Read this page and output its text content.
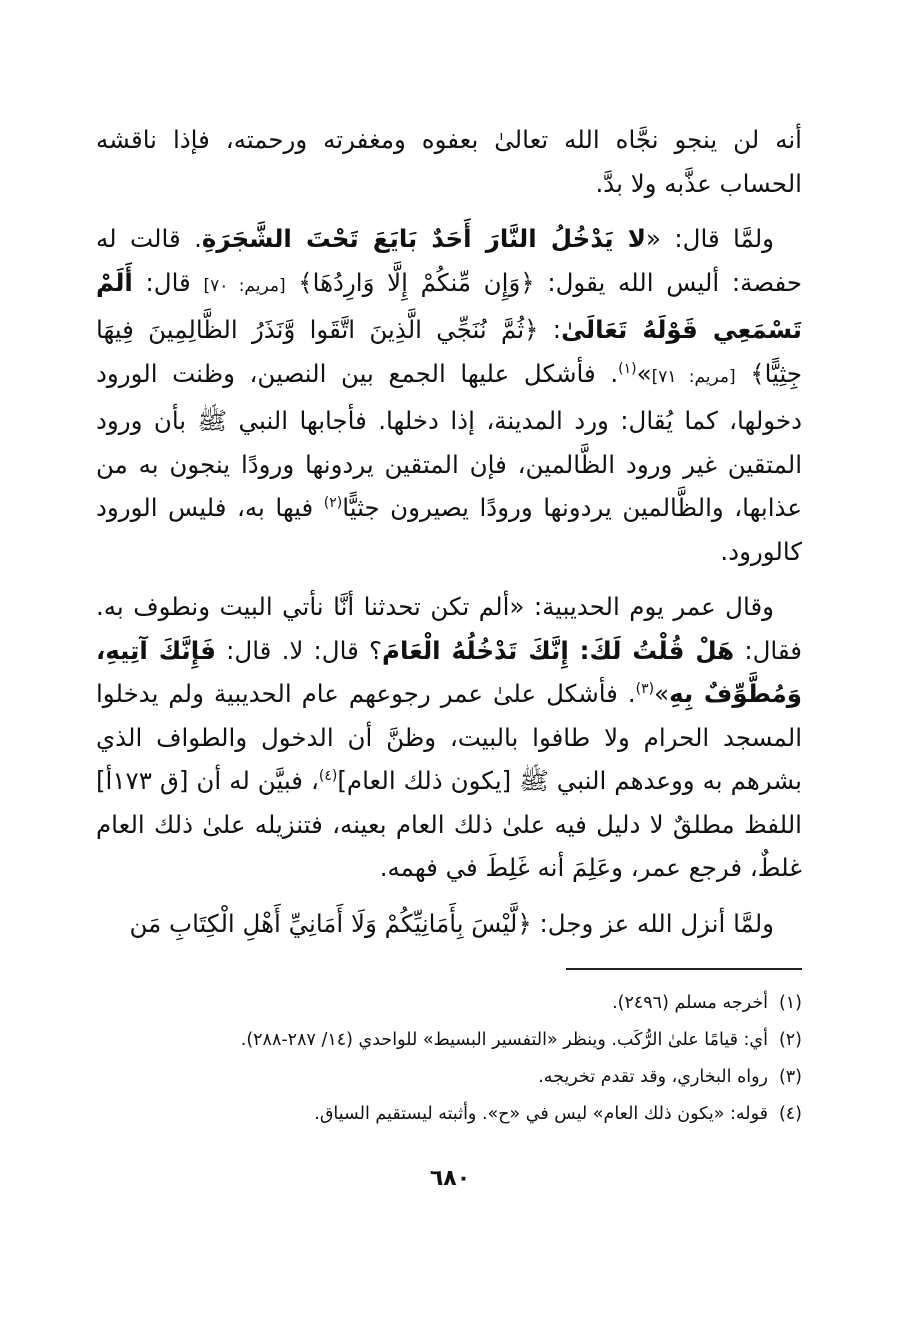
أنه لن ينجو نجَّاه الله تعالىٰ بعفوه ومغفرته ورحمته، فإذا ناقشه الحساب عذَّبه ولا بدَّ.

ولمَّا قال: «لا يَدْخُلُ النَّارَ أَحَدٌ بَايَعَ تَحْتَ الشَّجَرَةِ. قالت له حفصة: أليس الله يقول: ﴿وَإِن مِّنكُمْ إِلَّا وَارِدُهَا﴾ [مريم: ٧٠] قال: أَلَمْ تَسْمَعِي قَوْلَهُ تَعَالَىٰ: ﴿ثُمَّ نُنَجِّي الَّذِينَ اتَّقَوا وَّنَذَرُ الظَّالِمِينَ فِيهَا جِثِيًّا﴾ [مريم: ٧١]»$^{(١)}$. فأشكل عليها الجمع بين النصين، وظنت الورود دخولها، كما يُقال: ورد المدينة، إذا دخلها. فأجابها النبي ﷺ بأن ورود المتقين غير ورود الظَّالمين، فإن المتقين يردونها ورودًا ينجون به من عذابها، والظَّالمين يردونها ورودًا يصيرون جثيًّا$^{(٢)}$ فيها به، فليس الورود كالورود.

وقال عمر يوم الحديبية: «ألم تكن تحدثنا أنَّا نأتي البيت ونطوف به. فقال: هَلْ قُلْتُ لَكَ: إِنَّكَ تَدْخُلُهُ الْعَامَ؟ قال: لا. قال: فَإِنَّكَ آتِيهِ، وَمُطَّوِّفٌ بِهِ»$^{(٣)}$. فأشكل علىٰ عمر رجوعهم عام الحديبية ولم يدخلوا المسجد الحرام ولا طافوا بالبيت، وظنَّ أن الدخول والطواف الذي بشرهم به ووعدهم النبي ﷺ [يكون ذلك العام]$^{(٤)}$، فبيَّن له أن [ق ١٧٣أ] اللفظ مطلقٌ لا دليل فيه علىٰ ذلك العام بعينه، فتنزيله علىٰ ذلك العام غلطٌ، فرجع عمر، وعَلِمَ أنه غَلِطَ في فهمه.

ولمَّا أنزل الله عز وجل: ﴿لَّيْسَ بِأَمَانِيِّكُمْ وَلَا أَمَانِيِّ أَهْلِ الْكِتَابِ مَن

(١)أخرجه مسلم (٢٤٩٦).
(٢)أي: قيامًا علىٰ الرُّكَب. وينظر «التفسير البسيط» للواحدي (١٤/ ٢٨٧-٢٨٨).
(٣)رواه البخاري، وقد تقدم تخريجه.
(٤)قوله: «يكون ذلك العام» ليس في «ح». وأثبته ليستقيم السياق.
٦٨٠
